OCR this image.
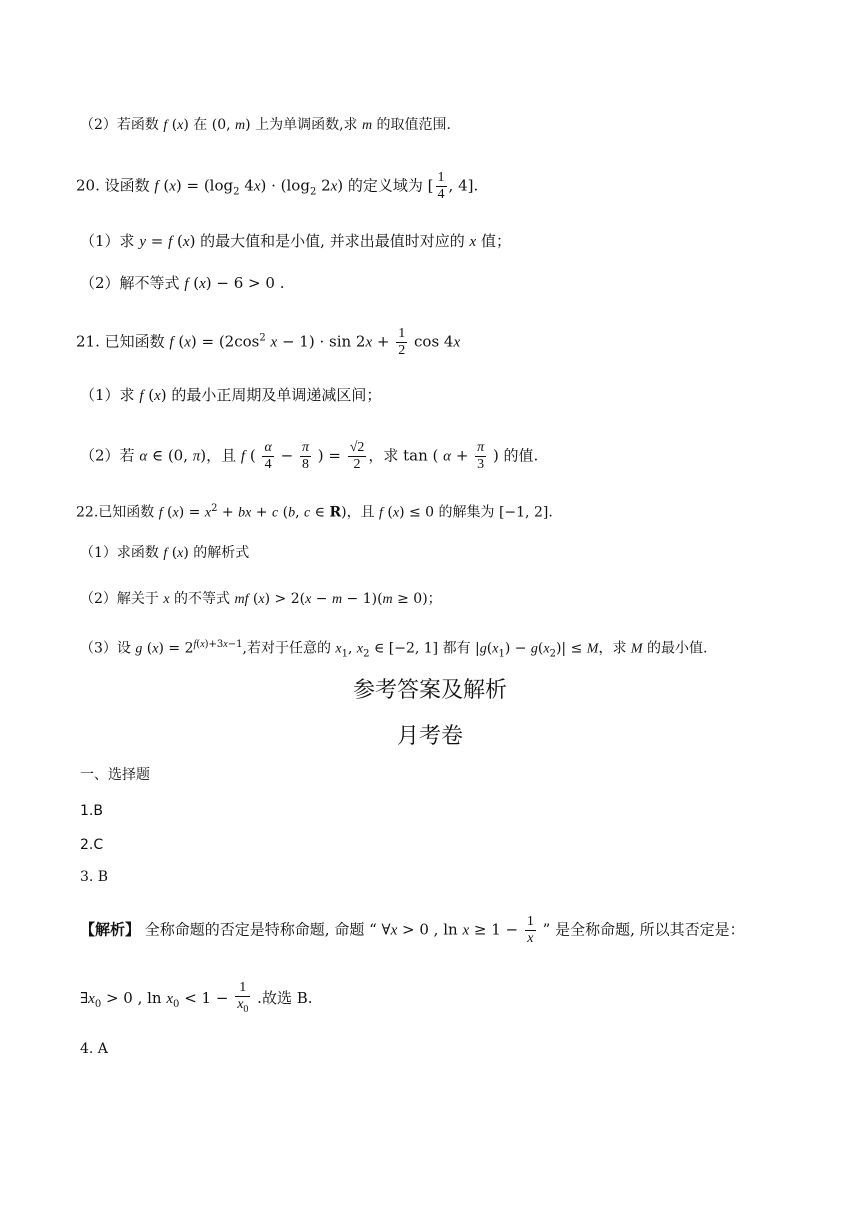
（2）若函数 f (x) 在 (0, m) 上为单调函数,求 m 的取值范围.
20. 设函数 f $(x) = (\log_2$ $4x) \cdot (\log_2$ 2x) 的定义域为 [ $\frac{1}{4}$ , 4].
（1）求 y = f (x) 的最大值和是小值, 并求出最值时对应的 x 值；
（2）解不等式 f (x) − 6 > 0 .
21. 已知函数 f $(x) = (2\cos^2$ $x - 1) \cdot \sin 2x + \frac{1}{2}$ cos 4x
（1）求 f (x) 的最小正周期及单调递减区间；
（2）若 α ∈ (0, π)，且 f ( $\frac{\alpha}{4} - \frac{\pi}{8}$ ) = $\frac{√2}{2}$ ，求 tan ( $\alpha + \frac{\pi}{3}$ ) 的值.
22.已知函数 f $(x) = x^2$ + bx + c (b, c ∈ R)，且 f (x) ≤ 0 的解集为 [−1, 2].
（1）求函数 f (x) 的解析式
（2）解关于 x 的不等式 mf (x) > 2(x − m − 1)(m ≥ 0)；
（3）设 g $(x) = 2^{f(x)+3x-1}$,若对于任意的 $x_1$, $x_2$ ∈ [−2, 1] 都有 $|g(x_1) - g(x_2)| \le M$，求 M 的最小值.
参考答案及解析
月考卷
一、选择题
1.B
2.C
3. B
【解析】
全称命题的否定是特称命题, 命题 “ ∀x > 0 , $\ln x \ge 1 - \frac{1}{x}$ ” 是全称命题, 所以其否定是：
$\exists x_0 > 0$ , $\ln x_0 < 1 - \frac{1}{x_0}$ .故选 B.
4. A
